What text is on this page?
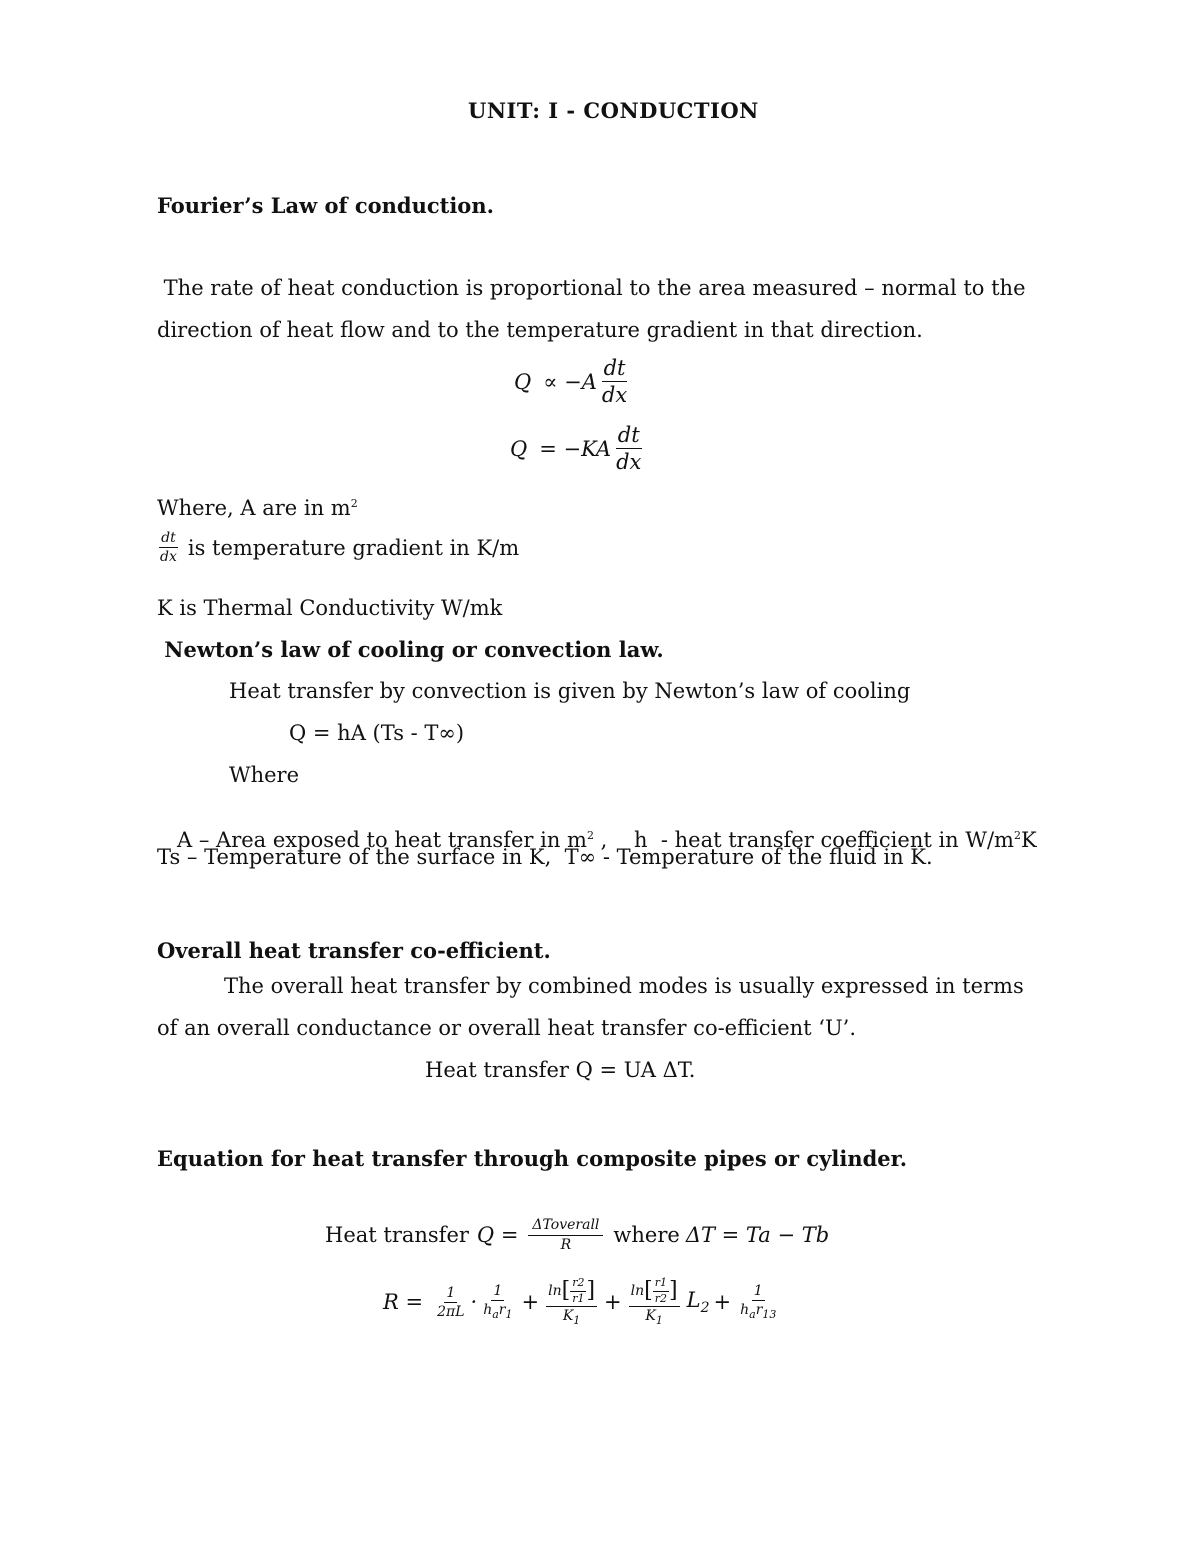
UNIT: I - CONDUCTION
Fourier’s Law of conduction.
The rate of heat conduction is proportional to the area measured – normal to the
direction of heat flow and to the temperature gradient in that direction.
$Q \propto -A \frac{dt}{dx}$
$Q = -KA \frac{dt}{dx}$
Where, A are in $m^2$
$\frac{dt}{dx}$ is temperature gradient in K/m
K is Thermal Conductivity W/mk
Newton’s law of cooling or convection law.
Heat transfer by convection is given by Newton’s law of cooling
Q = hA (Ts - T∞)
Where

A – Area exposed to heat transfer in $m^2$ ,    h  - heat transfer coefficient in $W/m^2K$

Ts – Temperature of the surface in K,  T∞ - Temperature of the fluid in K.
Overall heat transfer co-efficient.
The overall heat transfer by combined modes is usually expressed in terms
of an overall conductance or overall heat transfer co-efficient ‘U’.
Heat transfer Q = UA ΔT.
Equation for heat transfer through composite pipes or cylinder.
Heat transfer $Q = \frac{\text{ΔToverall}}{R}$ where ΔT = Ta − Tb
$R = \frac{1}{2\pi L} \cdot \frac{1}{h_ar_1} + \frac{\ln [ \frac{r2}{r1} ]}{K_1} + \frac{\ln [ \frac{r1}{r2} ]}{K_1} L_2 + \frac{1}{h_ar_{13}}$
